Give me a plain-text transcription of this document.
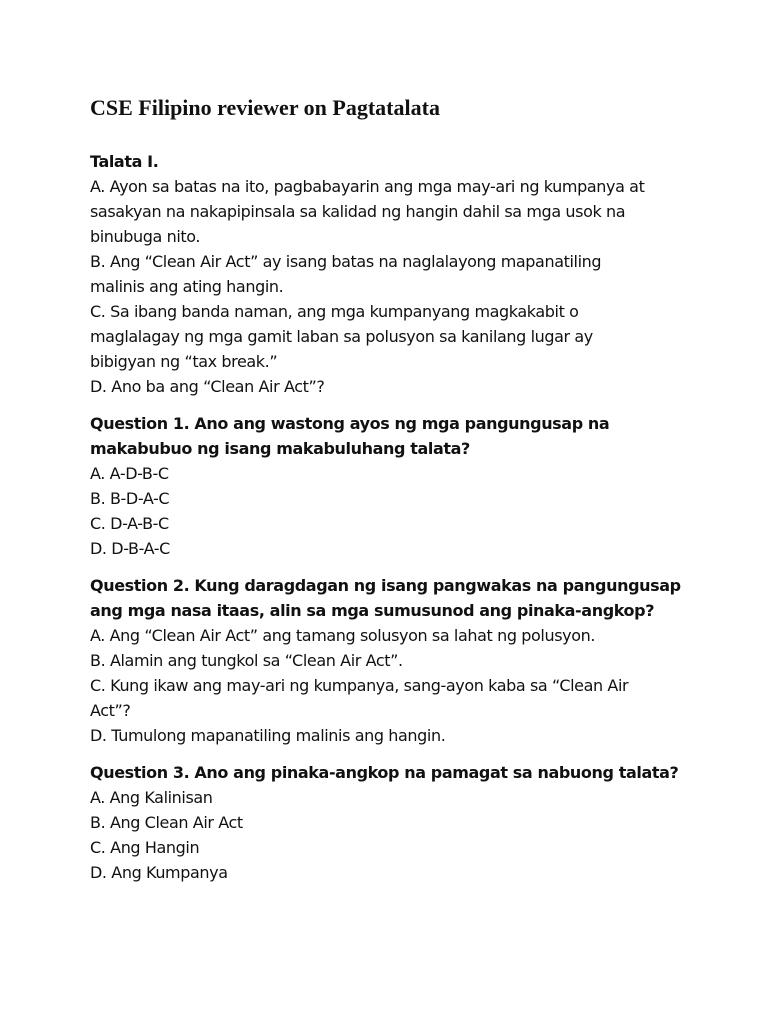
CSE Filipino reviewer on Pagtatalata
Talata I.
A. Ayon sa batas na ito, pagbabayarin ang mga may-ari ng kumpanya at
sasakyan na nakapipinsala sa kalidad ng hangin dahil sa mga usok na
binubuga nito.
B. Ang “Clean Air Act” ay isang batas na naglalayong mapanatiling
malinis ang ating hangin.
C. Sa ibang banda naman, ang mga kumpanyang magkakabit o
maglalagay ng mga gamit laban sa polusyon sa kanilang lugar ay
bibigyan ng “tax break.”
D. Ano ba ang “Clean Air Act”?
Question 1. Ano ang wastong ayos ng mga pangungusap na
makabubuo ng isang makabuluhang talata?
A. A-D-B-C
B. B-D-A-C
C. D-A-B-C
D. D-B-A-C
Question 2. Kung daragdagan ng isang pangwakas na pangungusap
ang mga nasa itaas, alin sa mga sumusunod ang pinaka-angkop?
A. Ang “Clean Air Act” ang tamang solusyon sa lahat ng polusyon.
B. Alamin ang tungkol sa “Clean Air Act”.
C. Kung ikaw ang may-ari ng kumpanya, sang-ayon kaba sa “Clean Air
Act”?
D. Tumulong mapanatiling malinis ang hangin.
Question 3. Ano ang pinaka-angkop na pamagat sa nabuong talata?
A. Ang Kalinisan
B. Ang Clean Air Act
C. Ang Hangin
D. Ang Kumpanya
